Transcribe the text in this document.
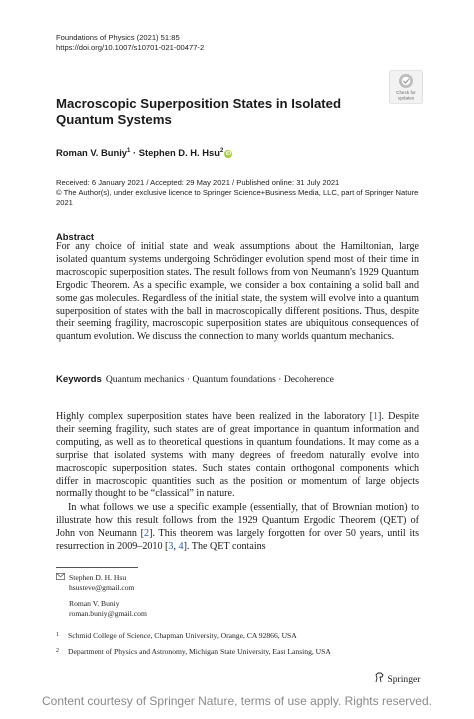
Foundations of Physics (2021) 51:85
https://doi.org/10.1007/s10701-021-00477-2
Check for
updates
Macroscopic Superposition States in Isolated Quantum Systems
Roman V. Buniy$^1$ · Stephen D. H. Hsu$^2$iD
Received: 6 January 2021 / Accepted: 29 May 2021 / Published online: 31 July 2021
© The Author(s), under exclusive licence to Springer Science+Business Media, LLC, part of Springer Nature
2021
Abstract
For any choice of initial state and weak assumptions about the Hamiltonian, large isolated quantum systems undergoing Schrödinger evolution spend most of their time in macroscopic superposition states. The result follows from von Neumann's 1929 Quantum Ergodic Theorem. As a specific example, we consider a box containing a solid ball and some gas molecules. Regardless of the initial state, the system will evolve into a quantum superposition of states with the ball in macroscopically different positions. Thus, despite their seeming fragility, macroscopic superposition states are ubiquitous consequences of quantum evolution. We discuss the connection to many worlds quantum mechanics.
Keywords Quantum mechanics · Quantum foundations · Decoherence
Highly complex superposition states have been realized in the laboratory [1]. Despite their seeming fragility, such states are of great importance in quantum information and computing, as well as to theoretical questions in quantum foundations. It may come as a surprise that isolated systems with many degrees of freedom naturally evolve into macroscopic superposition states. Such states contain orthogonal components which differ in macroscopic quantities such as the position or momentum of large objects normally thought to be “classical” in nature.
In what follows we use a specific example (essentially, that of Brownian motion) to illustrate how this result follows from the 1929 Quantum Ergodic Theorem (QET) of John von Neumann [2]. This theorem was largely forgotten for over 50 years, until its resurrection in 2009–2010 [3, 4]. The QET contains
Stephen D. H. Hsu
hsusteve@gmail.com
Roman V. Buniy
roman.buniy@gmail.com
1 Schmid College of Science, Chapman University, Orange, CA 92866, USA
2 Department of Physics and Astronomy, Michigan State University, East Lansing, USA
Springer
Content courtesy of Springer Nature, terms of use apply. Rights reserved.
